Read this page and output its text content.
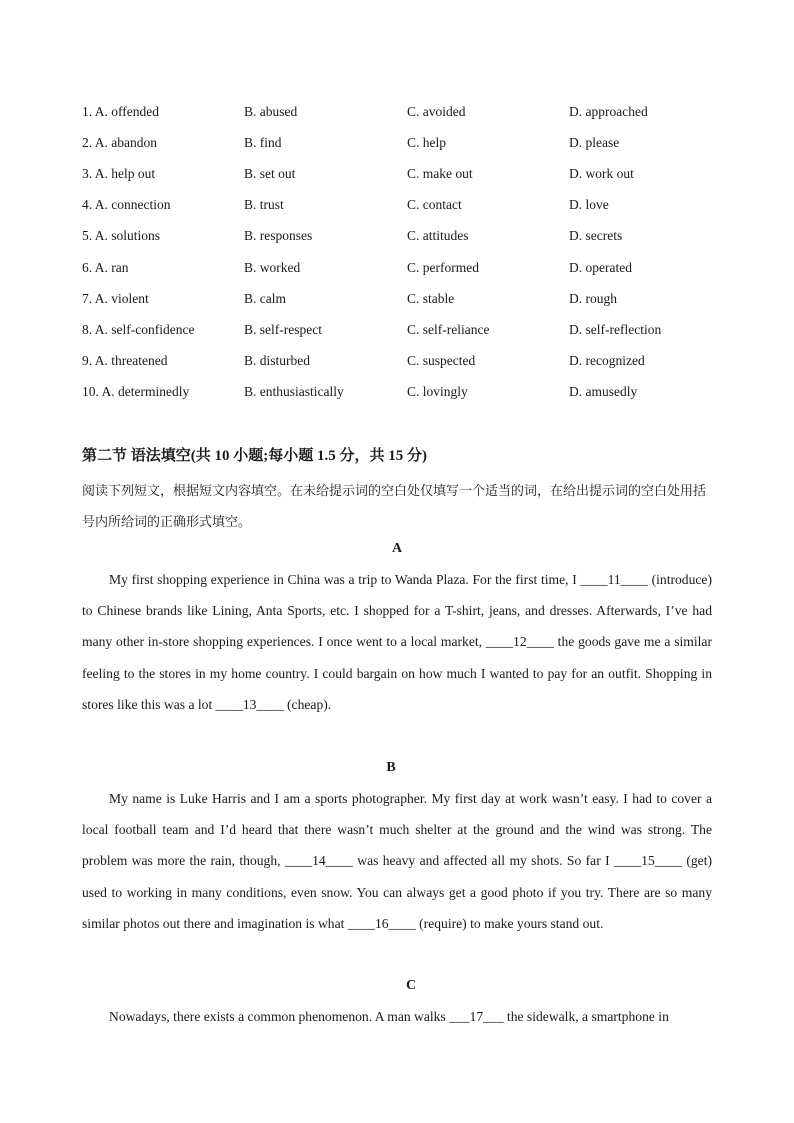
1. A. offended	B. abused	C. avoided	D. approached
2. A. abandon	B. find	C. help	D. please
3. A. help out	B. set out	C. make out	D. work out
4. A. connection	B. trust	C. contact	D. love
5. A. solutions	B. responses	C. attitudes	D. secrets
6. A. ran	B. worked	C. performed	D. operated
7. A. violent	B. calm	C. stable	D. rough
8. A. self-confidence	B. self-respect	C. self-reliance	D. self-reflection
9. A. threatened	B. disturbed	C. suspected	D. recognized
10. A. determinedly	B. enthusiastically	C. lovingly	D. amusedly
第二节 语法填空(共 10 小题;每小题 1.5 分，共 15 分)
阅读下列短文，根据短文内容填空。在未给提示词的空白处仅填写一个适当的词，在给出提示词的空白处用括号内所给词的正确形式填空。
A
My first shopping experience in China was a trip to Wanda Plaza. For the first time, I ____11____ (introduce) to Chinese brands like Lining, Anta Sports, etc. I shopped for a T-shirt, jeans, and dresses. Afterwards, I’ve had many other in-store shopping experiences. I once went to a local market, ____12____ the goods gave me a similar feeling to the stores in my home country. I could bargain on how much I wanted to pay for an outfit. Shopping in stores like this was a lot ____13____ (cheap).
B
My name is Luke Harris and I am a sports photographer. My first day at work wasn’t easy. I had to cover a local football team and I’d heard that there wasn’t much shelter at the ground and the wind was strong. The problem was more the rain, though, ____14____ was heavy and affected all my shots. So far I ____15____ (get) used to working in many conditions, even snow. You can always get a good photo if you try. There are so many similar photos out there and imagination is what ____16____ (require) to make yours stand out.
C
Nowadays, there exists a common phenomenon. A man walks ___17___ the sidewalk, a smartphone in
